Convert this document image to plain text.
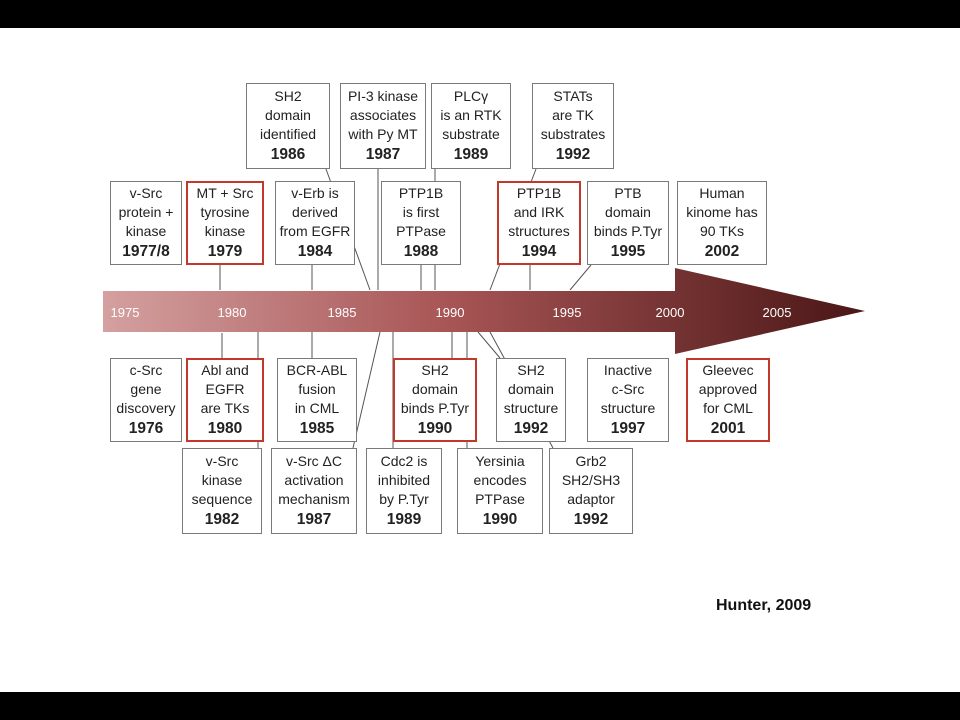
1975	1980	1985	1990	1995	2000	2005
v-Src
protein +
kinase
1977/8
MT + Src
tyrosine
kinase
1979
v-Erb is
derived
from EGFR
1984
SH2
domain
identified
1986
PI-3 kinase
associates
with Py MT
1987
PTP1B
is first
PTPase
1988
PLCγ
is an RTK
substrate
1989
PTP1B
and IRK
structures
1994
STATs
are TK
substrates
1992
PTB
domain
binds P.Tyr
1995
Human
kinome has
90 TKs
2002
c-Src
gene
discovery
1976
Abl and
EGFR
are TKs
1980
v-Src
kinase
sequence
1982
BCR-ABL
fusion
in CML
1985
v-Src ΔC
activation
mechanism
1987
Cdc2 is
inhibited
by P.Tyr
1989
SH2
domain
binds P.Tyr
1990
Yersinia
encodes
PTPase
1990
SH2
domain
structure
1992
Grb2
SH2/SH3
adaptor
1992
Inactive
c-Src
structure
1997
Gleevec
approved
for CML
2001
Hunter, 2009
